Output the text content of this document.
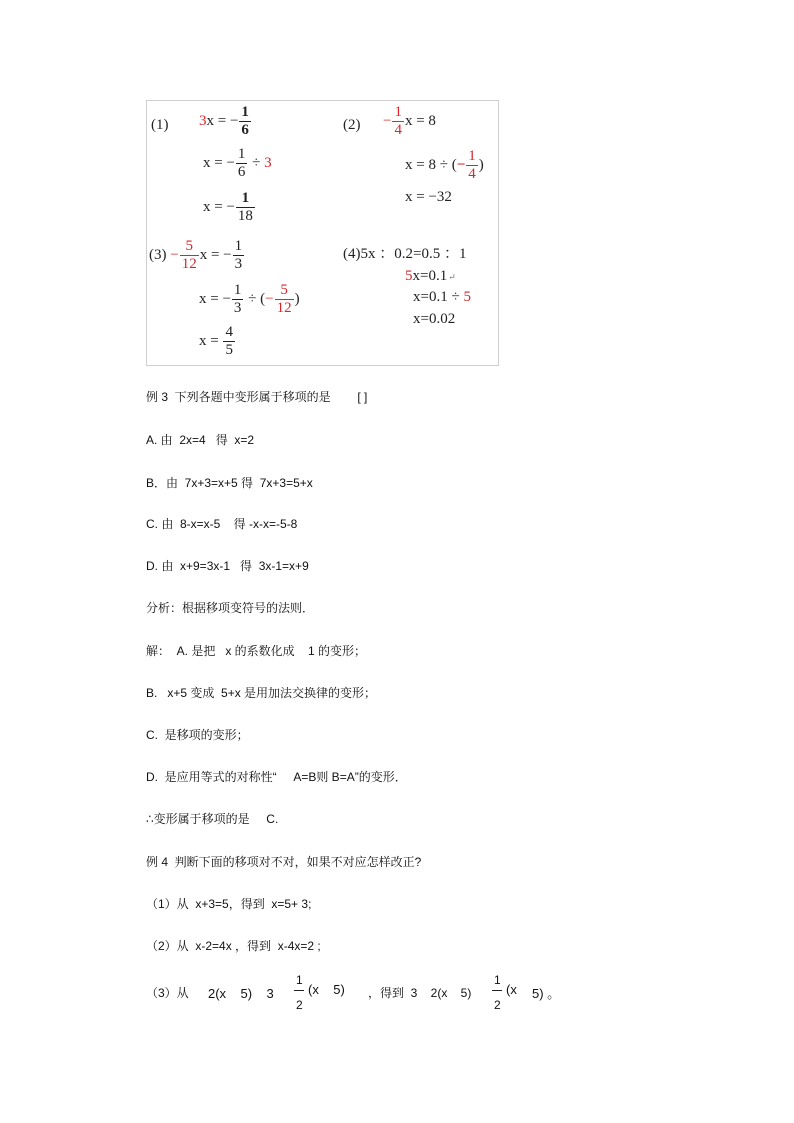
(1) 3x = − $\frac{1}{6}$
x = − $\frac{1}{6} \div 3$
x = − $\frac{1}{18}$
$(2) - \frac{1}{4}$ x = 8
x = 8 ÷ (− $\frac{1}{4}$ )
x = −32
$(3) - \frac{5}{12}$ x = − $\frac{1}{3}$
x = − $\frac{1}{3}$ ÷ (− $\frac{5}{12}$ )
$x = \frac{4}{5}$
(4)5x ：0.2=0.5 ：1
5x=0.1↵
x=0.1 ÷ 5
x=0.02
例 3  下列各题中变形属于移项的是        [ ]
A. 由  2x=4   得  x=2
B．由  7x+3=x+5 得  7x+3=5+x
C. 由  8-x=x-5    得 -x-x=-5-8
D. 由  x+9=3x-1   得  3x-1=x+9
分析：根据移项变符号的法则．
解：  A. 是把   x 的系数化成    1 的变形；
B.   x+5 变成  5+x 是用加法交换律的变形；
C.  是移项的变形；
D.  是应用等式的对称性“     A=B则 B=A”的变形．
∴变形属于移项的是     C.
例 4  判断下面的移项对不对，如果不对应怎样改正?
（1）从  x+3=5，得到  x=5+ 3;
（2）从  x-2=4x ，得到  x-4x=2 ;
（3）从 2(x    5)    3
1
2
(x    5) ，得到  3    2(x    5)
1
2
(x 5) 。
